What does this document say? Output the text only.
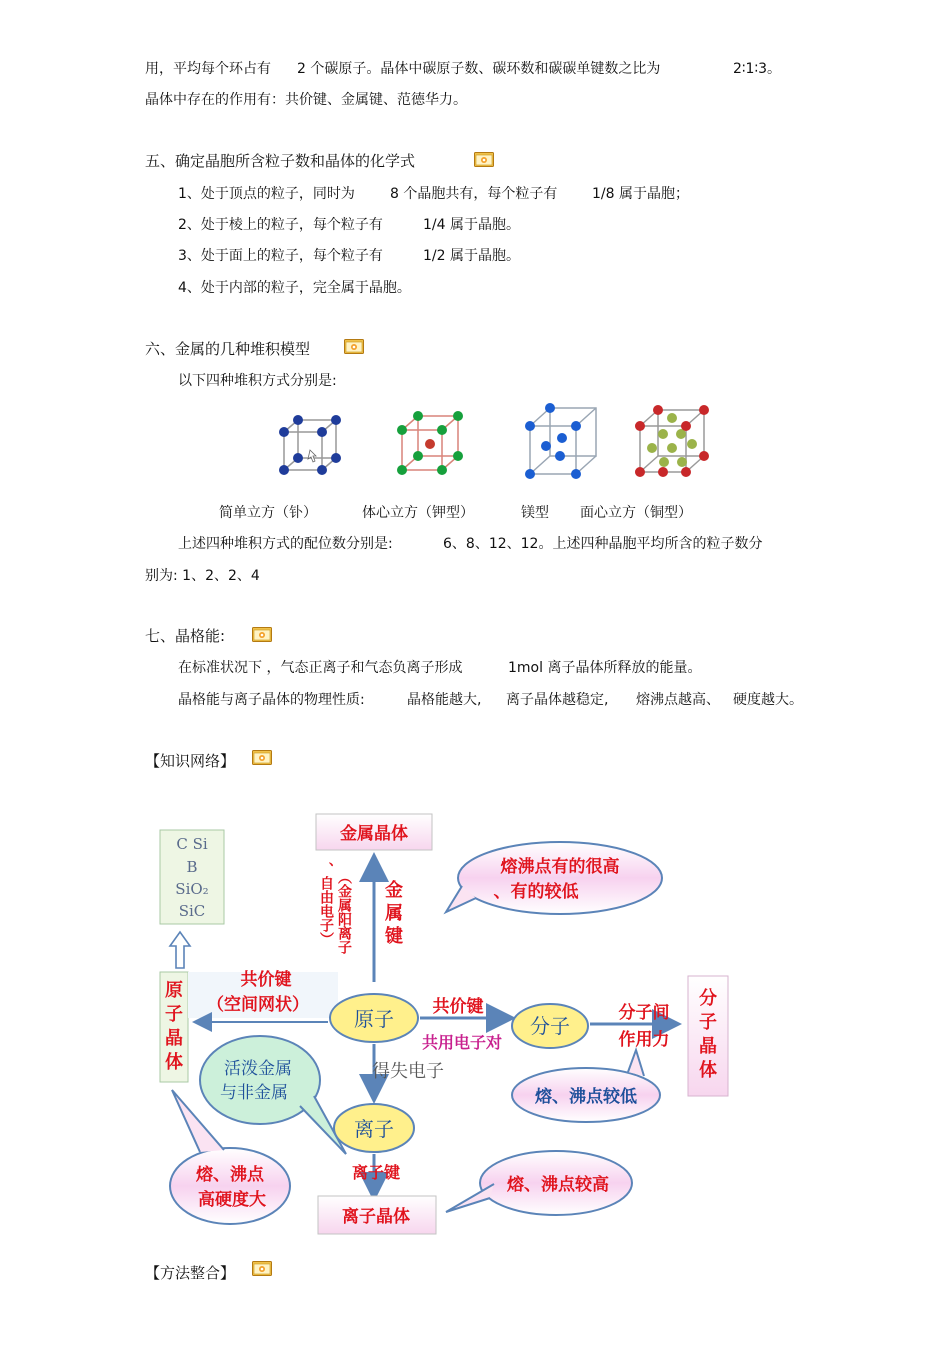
用，平均每个环占有 2 个碳原子。晶体中碳原子数、碳环数和碳碳单键数之比为	2∶1∶3。
晶体中存在的作用有：共价键、金属键、范德华力。
五、确定晶胞所含粒子数和晶体的化学式
1、处于顶点的粒子，同时为	8 个晶胞共有，每个粒子有 1/8 属于晶胞；
2、处于棱上的粒子，每个粒子有	1/4 属于晶胞。
3、处于面上的粒子，每个粒子有	1/2 属于晶胞。
4、处于内部的粒子，完全属于晶胞。
六、金属的几种堆积模型
以下四种堆积方式分别是:
简单立方（钋）	体心立方（钾型）	镁型 面心立方（铜型）
上述四种堆积方式的配位数分别是:	6、8、12、12。上述四种晶胞平均所含的粒子数分
别为: 1、2、2、4
七、晶格能:
在标准状况下 ，气态正离子和气态负离子形成	1mol 离子晶体所释放的能量。
晶格能与离子晶体的物理性质:	晶格能越大, 离子晶体越稳定, 熔沸点越高、 硬度越大。
【知识网络】
C Si
B
SiO₂
SiC
原
子
晶
体
共价键
（空间网状）
金属晶体
金
属
键
（金属阳离子
、自由电子）	熔沸点有的很高
、有的较低
原子 共价键
共用电子对
分子
分子间
作用力
分
子
晶
体
熔、沸点较低
得失电子
活泼金属
与非金属
离子
离子键
离子晶体
熔、沸点
高硬度大
熔、沸点较高
【方法整合】
